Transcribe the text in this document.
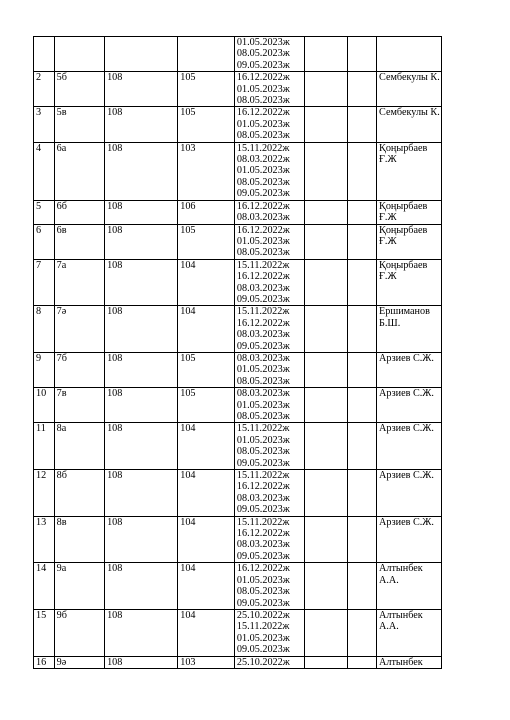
				01.05.2023ж
08.05.2023ж
09.05.2023ж			

2	5б	108	105	16.12.2022ж
01.05.2023ж
08.05.2023ж			Сембекулы К.
3	5в	108	105	16.12.2022ж
01.05.2023ж
08.05.2023ж			Сембекулы К.
4	6а	108	103	15.11.2022ж
08.03.2022ж
01.05.2023ж
08.05.2023ж
09.05.2023ж			Қоңырбаев Ғ.Ж
5	6б	108	106	16.12.2022ж
08.03.2023ж			Қоңырбаев Ғ.Ж
6	6в	108	105	16.12.2022ж
01.05.2023ж
08.05.2023ж			Қоңырбаев Ғ.Ж
7	7а	108	104	15.11.2022ж
16.12.2022ж
08.03.2023ж
09.05.2023ж			Қоңырбаев Ғ.Ж
8	7ә	108	104	15.11.2022ж
16.12.2022ж
08.03.2023ж
09.05.2023ж			Ершиманов Б.Ш.
9	7б	108	105	08.03.2023ж
01.05.2023ж
08.05.2023ж			Арзиев С.Ж.
10	7в	108	105	08.03.2023ж
01.05.2023ж
08.05.2023ж			Арзиев С.Ж.
11	8а	108	104	15.11.2022ж
01.05.2023ж
08.05.2023ж
09.05.2023ж			Арзиев С.Ж.
12	8б	108	104	15.11.2022ж
16.12.2022ж
08.03.2023ж
09.05.2023ж			Арзиев С.Ж.
13	8в	108	104	15.11.2022ж
16.12.2022ж
08.03.2023ж
09.05.2023ж			Арзиев С.Ж.
14	9а	108	104	16.12.2022ж
01.05.2023ж
08.05.2023ж
09.05.2023ж			Алтынбек А.А.
15	9б	108	104	25.10.2022ж
15.11.2022ж
01.05.2023ж
09.05.2023ж			Алтынбек А.А.
16	9ә	108	103	25.10.2022ж			Алтынбек
